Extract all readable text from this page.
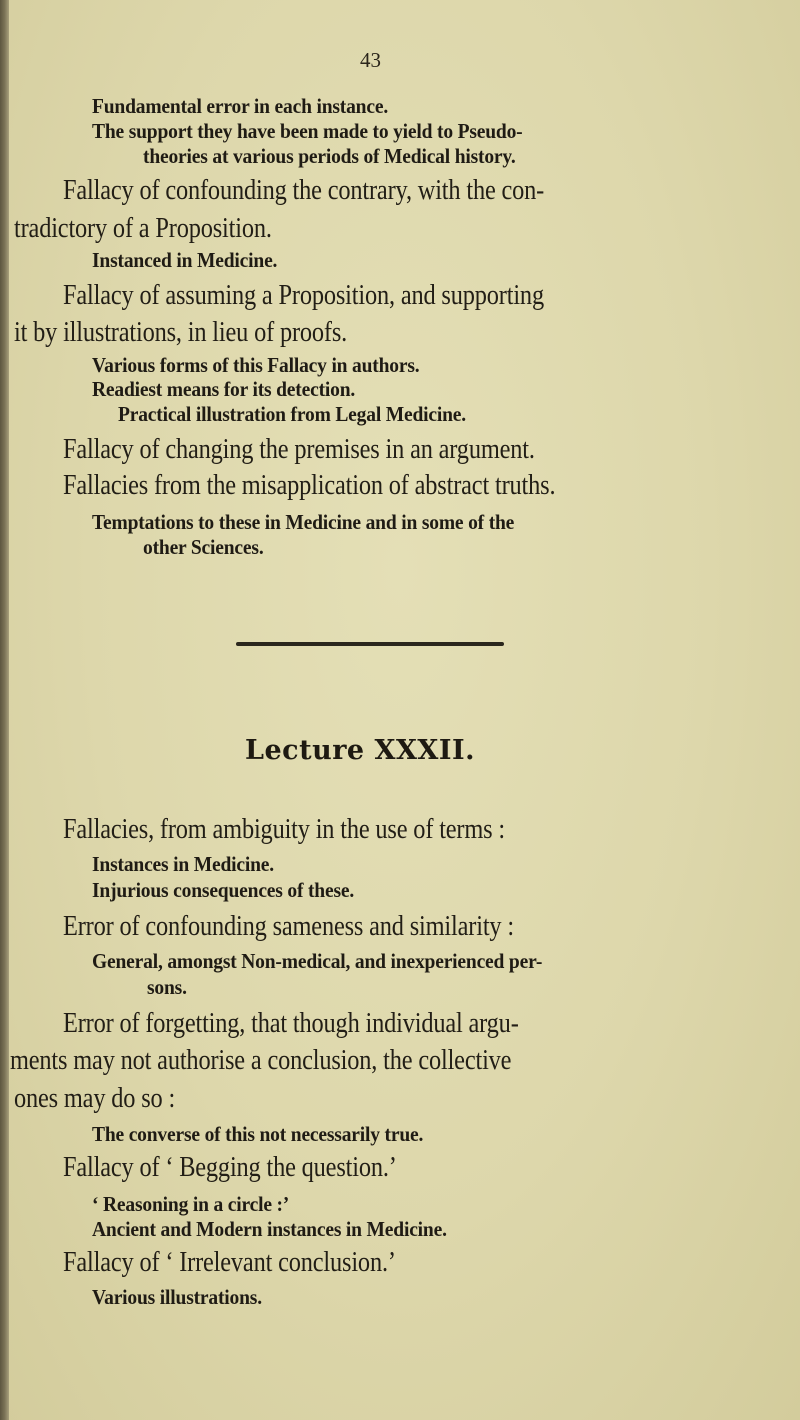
43
Fundamental error in each instance.
The support they have been made to yield to Pseudo-
theories at various periods of Medical history.
Fallacy of confounding the contrary, with the con-
tradictory of a Proposition.
Instanced in Medicine.
Fallacy of assuming a Proposition, and supporting
it by illustrations, in lieu of proofs.
Various forms of this Fallacy in authors.
Readiest means for its detection.
Practical illustration from Legal Medicine.
Fallacy of changing the premises in an argument.
Fallacies from the misapplication of abstract truths.
Temptations to these in Medicine and in some of the
other Sciences.
Lecture XXXII.
Fallacies, from ambiguity in the use of terms :
Instances in Medicine.
Injurious consequences of these.
Error of confounding sameness and similarity :
General, amongst Non-medical, and inexperienced per-
sons.
Error of forgetting, that though individual argu-
ments may not authorise a conclusion, the collective
ones may do so :
The converse of this not necessarily true.
Fallacy of ‘ Begging the question.’
‘ Reasoning in a circle :’
Ancient and Modern instances in Medicine.
Fallacy of ‘ Irrelevant conclusion.’
Various illustrations.
